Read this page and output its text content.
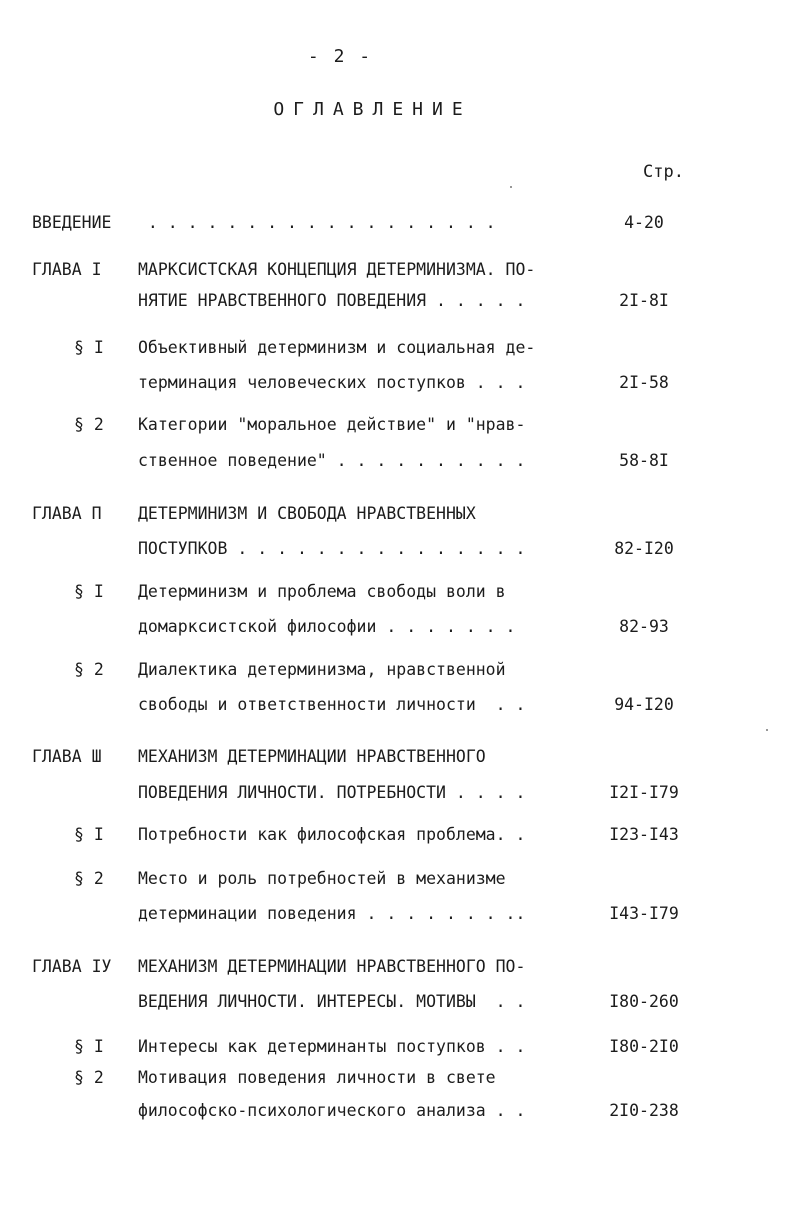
- 2 -
ОГЛАВЛЕНИЕ
Стр.
ВВЕДЕНИЕ . . . . . . . . . . . . . . . . . .	4-20
ГЛАВА I МАРКСИСТСКАЯ КОНЦЕПЦИЯ ДЕТЕРМИНИЗМА. ПО-
НЯТИЕ НРАВСТВЕННОГО ПОВЕДЕНИЯ . . . . .	2I-8I
§ I Объективный детерминизм и социальная де-
терминация человеческих поступков . . .	2I-58
§ 2 Категории "моральное действие" и "нрав-
ственное поведение" . . . . . . . . . .	58-8I
ГЛАВА П ДЕТЕРМИНИЗМ И СВОБОДА НРАВСТВЕННЫХ
ПОСТУПКОВ . . . . . . . . . . . . . . .	82-I20
§ I Детерминизм и проблема свободы воли в
домарксистской философии . . . . . . .	82-93
§ 2 Диалектика детерминизма, нравственной
свободы и ответственности личности  . .	94-I20
ГЛАВА Ш МЕХАНИЗМ ДЕТЕРМИНАЦИИ НРАВСТВЕННОГО
ПОВЕДЕНИЯ ЛИЧНОСТИ. ПОТРЕБНОСТИ . . . .	I2I-I79
§ I Потребности как философская проблема. .	I23-I43
§ 2 Место и роль потребностей в механизме
детерминации поведения . . . . . . . ..	I43-I79
ГЛАВА IУ МЕХАНИЗМ ДЕТЕРМИНАЦИИ НРАВСТВЕННОГО ПО-
ВЕДЕНИЯ ЛИЧНОСТИ. ИНТЕРЕСЫ. МОТИВЫ  . .	I80-260
§ I Интересы как детерминанты поступков . .	I80-2I0
§ 2 Мотивация поведения личности в свете
философско-психологического анализа . .	2I0-238
